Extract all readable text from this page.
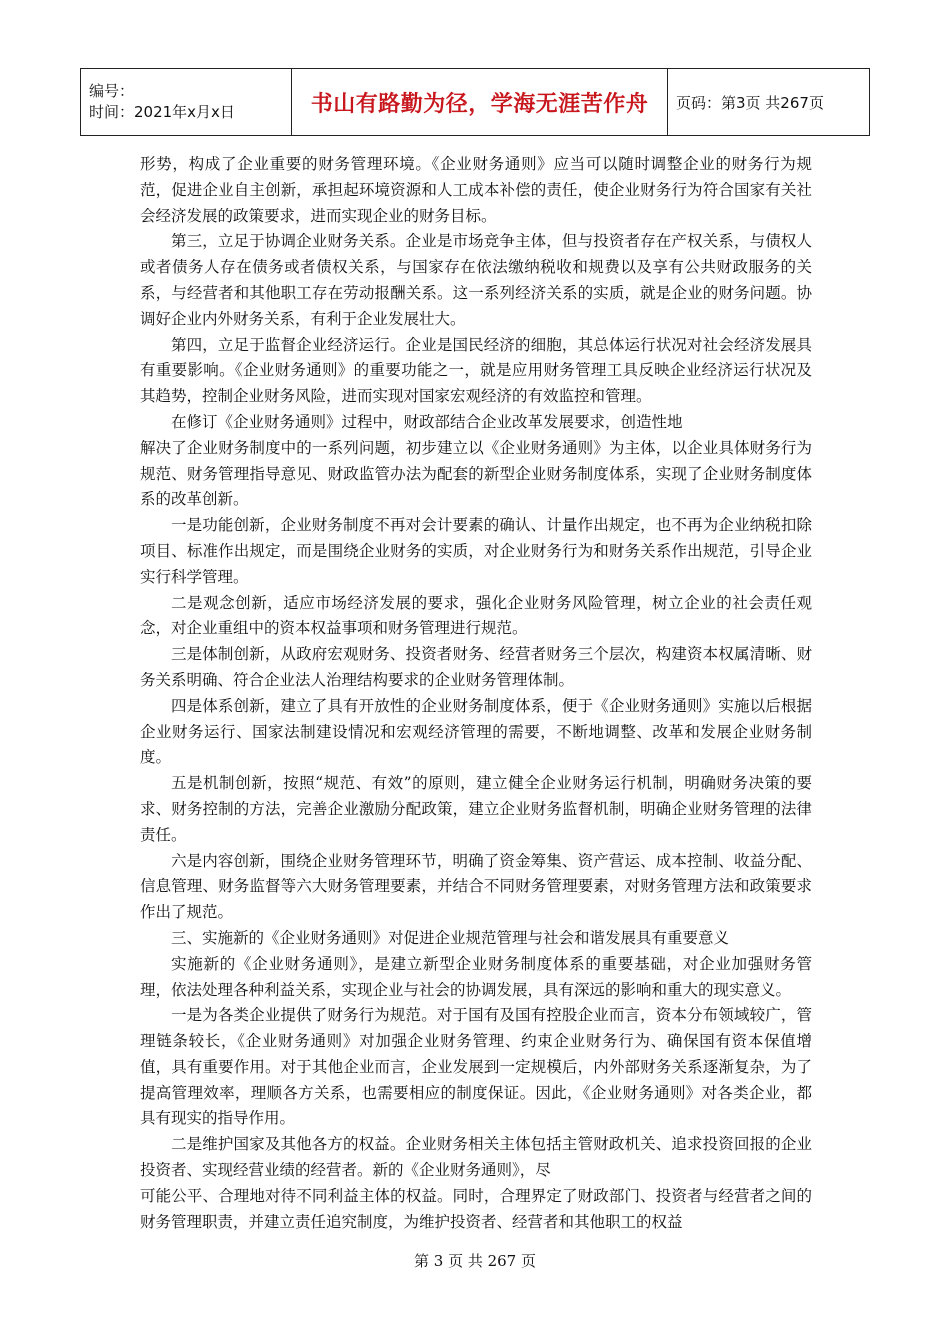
编号：
时间：2021年x月x日	书山有路勤为径，学海无涯苦作舟	页码：第3页 共267页

形势，构成了企业重要的财务管理环境。《企业财务通则》应当可以随时调整企业的财务行为规范，促进企业自主创新，承担起环境资源和人工成本补偿的责任，使企业财务行为符合国家有关社会经济发展的政策要求，进而实现企业的财务目标。

第三，立足于协调企业财务关系。企业是市场竞争主体，但与投资者存在产权关系，与债权人或者债务人存在债务或者债权关系，与国家存在依法缴纳税收和规费以及享有公共财政服务的关系，与经营者和其他职工存在劳动报酬关系。这一系列经济关系的实质，就是企业的财务问题。协调好企业内外财务关系，有利于企业发展壮大。

第四，立足于监督企业经济运行。企业是国民经济的细胞，其总体运行状况对社会经济发展具有重要影响。《企业财务通则》的重要功能之一，就是应用财务管理工具反映企业经济运行状况及其趋势，控制企业财务风险，进而实现对国家宏观经济的有效监控和管理。

在修订《企业财务通则》过程中，财政部结合企业改革发展要求，创造性地

解决了企业财务制度中的一系列问题，初步建立以《企业财务通则》为主体，以企业具体财务行为规范、财务管理指导意见、财政监管办法为配套的新型企业财务制度体系，实现了企业财务制度体系的改革创新。

一是功能创新，企业财务制度不再对会计要素的确认、计量作出规定，也不再为企业纳税扣除项目、标准作出规定，而是围绕企业财务的实质，对企业财务行为和财务关系作出规范，引导企业实行科学管理。

二是观念创新，适应市场经济发展的要求，强化企业财务风险管理，树立企业的社会责任观念，对企业重组中的资本权益事项和财务管理进行规范。

三是体制创新，从政府宏观财务、投资者财务、经营者财务三个层次，构建资本权属清晰、财务关系明确、符合企业法人治理结构要求的企业财务管理体制。

四是体系创新，建立了具有开放性的企业财务制度体系，便于《企业财务通则》实施以后根据企业财务运行、国家法制建设情况和宏观经济管理的需要，不断地调整、改革和发展企业财务制度。

五是机制创新，按照“规范、有效”的原则，建立健全企业财务运行机制，明确财务决策的要求、财务控制的方法，完善企业激励分配政策，建立企业财务监督机制，明确企业财务管理的法律责任。

六是内容创新，围绕企业财务管理环节，明确了资金筹集、资产营运、成本控制、收益分配、信息管理、财务监督等六大财务管理要素，并结合不同财务管理要素，对财务管理方法和政策要求作出了规范。

三、实施新的《企业财务通则》对促进企业规范管理与社会和谐发展具有重要意义

实施新的《企业财务通则》，是建立新型企业财务制度体系的重要基础，对企业加强财务管理，依法处理各种利益关系，实现企业与社会的协调发展，具有深远的影响和重大的现实意义。

一是为各类企业提供了财务行为规范。对于国有及国有控股企业而言，资本分布领域较广，管理链条较长，《企业财务通则》对加强企业财务管理、约束企业财务行为、确保国有资本保值增值，具有重要作用。对于其他企业而言，企业发展到一定规模后，内外部财务关系逐渐复杂，为了提高管理效率，理顺各方关系，也需要相应的制度保证。因此，《企业财务通则》对各类企业，都具有现实的指导作用。

二是维护国家及其他各方的权益。企业财务相关主体包括主管财政机关、追求投资回报的企业投资者、实现经营业绩的经营者。新的《企业财务通则》，尽

可能公平、合理地对待不同利益主体的权益。同时，合理界定了财政部门、投资者与经营者之间的财务管理职责，并建立责任追究制度，为维护投资者、经营者和其他职工的权益

第 3 页 共 267 页
